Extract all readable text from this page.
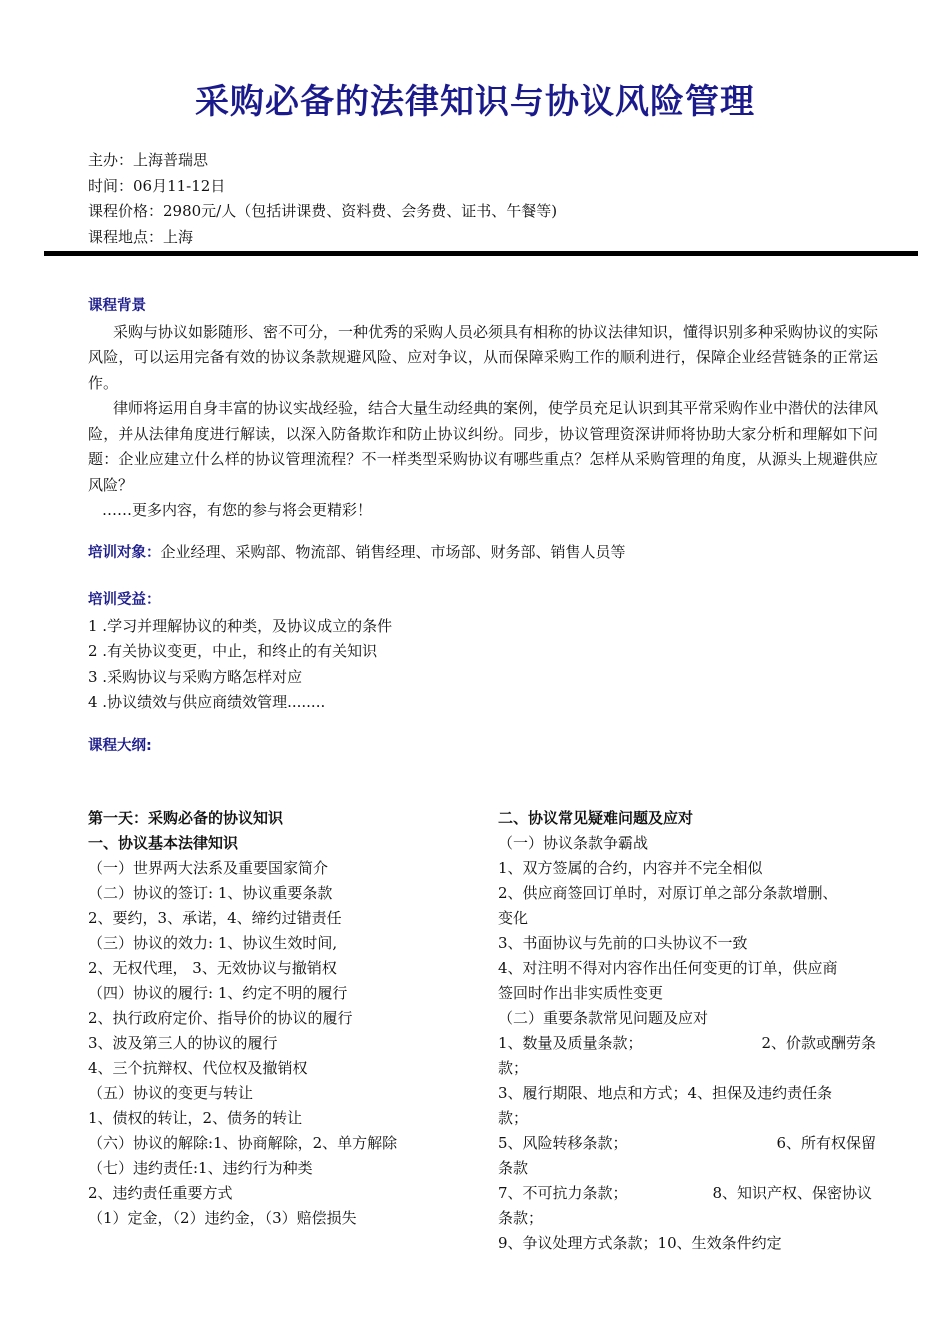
采购必备的法律知识与协议风险管理
主办：上海普瑞思
时间：06月11-12日
课程价格：2980元/人（包括讲课费、资料费、会务费、证书、午餐等)
课程地点：上海
课程背景
采购与协议如影随形、密不可分，一种优秀的采购人员必须具有相称的协议法律知识，懂得识别多种采购协议的实际风险，可以运用完备有效的协议条款规避风险、应对争议，从而保障采购工作的顺利进行，保障企业经营链条的正常运作。
律师将运用自身丰富的协议实战经验，结合大量生动经典的案例，使学员充足认识到其平常采购作业中潜伏的法律风险，并从法律角度进行解读，以深入防备欺诈和防止协议纠纷。同步，协议管理资深讲师将协助大家分析和理解如下问题：企业应建立什么样的协议管理流程？不一样类型采购协议有哪些重点？怎样从采购管理的角度，从源头上规避供应风险？
……更多内容，有您的参与将会更精彩！
培训对象：企业经理、采购部、物流部、销售经理、市场部、财务部、销售人员等
培训受益：
1 .学习并理解协议的种类，及协议成立的条件
2 .有关协议变更，中止，和终止的有关知识
3 .采购协议与采购方略怎样对应
4 .协议绩效与供应商绩效管理........
课程大纲:
第一天：采购必备的协议知识
一、协议基本法律知识
（一）世界两大法系及重要国家简介
（二）协议的签订: 1、协议重要条款
2、要约，3、承诺，4、缔约过错责任
（三）协议的效力: 1、协议生效时间,
2、无权代理， 3、无效协议与撤销权
（四）协议的履行: 1、约定不明的履行
2、执行政府定价、指导价的协议的履行
3、波及第三人的协议的履行
4、三个抗辩权、代位权及撤销权
（五）协议的变更与转让
1、债权的转让，2、债务的转让
（六）协议的解除:1、协商解除，2、单方解除
（七）违约责任:1、违约行为种类
2、违约责任重要方式
（1）定金，（2）违约金，（3）赔偿损失
二、协议常见疑难问题及应对
（一）协议条款争霸战
1、双方签属的合约，内容并不完全相似
2、供应商签回订单时，对原订单之部分条款增删、
变化
3、书面协议与先前的口头协议不一致
4、对注明不得对内容作出任何变更的订单，供应商
签回时作出非实质性变更
（二）重要条款常见问题及应对
1、数量及质量条款；	2、价款或酬劳条
款；
3、履行期限、地点和方式；4、担保及违约责任条
款；
5、风险转移条款；	6、所有权保留
条款
7、不可抗力条款；	8、知识产权、保密协议
条款；
9、争议处理方式条款；10、生效条件约定
